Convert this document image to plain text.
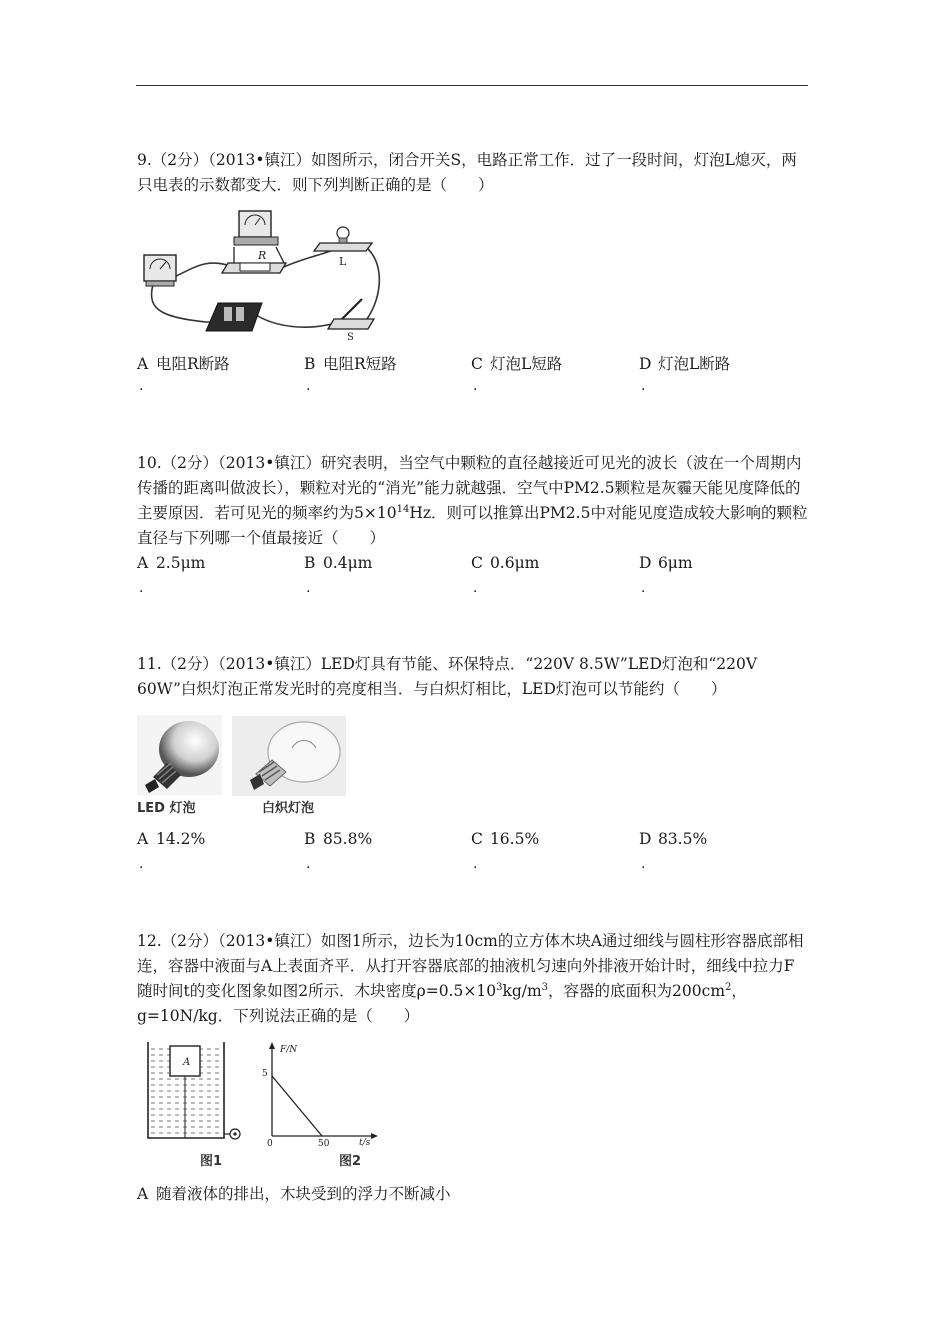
9.（2分）（2013•镇江）如图所示，闭合开关S，电路正常工作．过了一段时间，灯泡L熄灭，两只电表的示数都变大．则下列判断正确的是（　　）

R	L
S
A 电阻R断路
.
B 电阻R短路
.
C 灯泡L短路
.
D 灯泡L断路
.

10.（2分）（2013•镇江）研究表明，当空气中颗粒的直径越接近可见光的波长（波在一个周期内传播的距离叫做波长），颗粒对光的“消光”能力就越强．空气中PM2.5颗粒是灰霾天能见度降低的主要原因．若可见光的频率约为$5\times 10^{14}Hz$．则可以推算出PM2.5中对能见度造成较大影响的颗粒直径与下列哪一个值最接近（　　）

A 2.5μm
.
B 0.4μm
.
C 0.6μm
.
D 6μm
.

11.（2分）（2013•镇江）LED灯具有节能、环保特点．“220V 8.5W”LED灯泡和“220V 60W”白炽灯泡正常发光时的亮度相当．与白炽灯相比，LED灯泡可以节能约（　　）

LED 灯泡	白炽灯泡
A 14.2%
.
B 85.8%
.
C 16.5%
.
D 83.5%
.

12.（2分）（2013•镇江）如图1所示，边长为10cm的立方体木块A通过细线与圆柱形容器底部相连，容器中液面与A上表面齐平．从打开容器底部的抽液机匀速向外排液开始计时，细线中拉力F随时间t的变化图象如图2所示．木块密度$\rho=0.5\times 10^3kg/m^3$，容器的底面积为$200cm^2$，g=10N/kg．下列说法正确的是（　　）

A
图1
F/N
t/s
5
50
0
图2
A 随着液体的排出，木块受到的浮力不断减小
